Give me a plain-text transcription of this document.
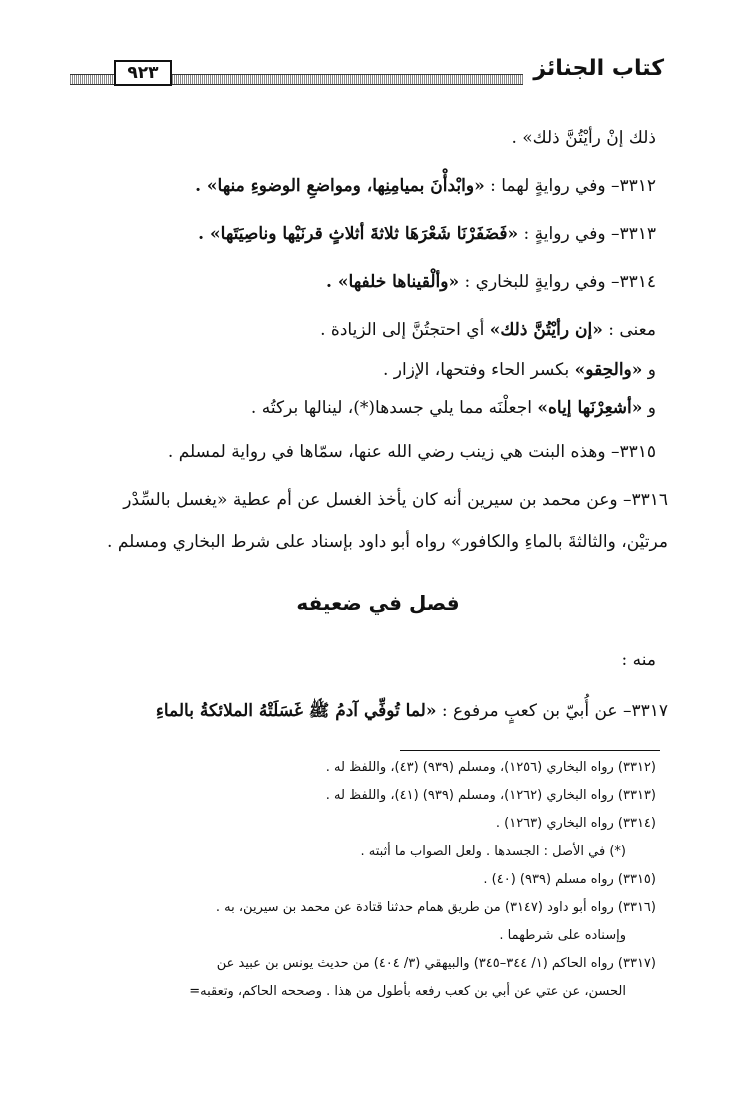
كتاب الجنائز
٩٢٣
ذلك إنْ رأيْتُنَّ ذلك» .
٣٣١٢– وفي روايةٍ لهما : «وابْدأْنَ بميامِنِها، ومواضعِ الوضوءِ منها» .
٣٣١٣– وفي روايةٍ : «فَضَفَرْنَا شَعْرَهَا ثلاثةَ أثلاثٍ قرنَيْها وناصِيَتَها» .
٣٣١٤– وفي روايةٍ للبخاري : «وألْقيناها خلفها» .
معنى : «إن رأيْتُنَّ ذلك» أي احتجتُنَّ إلى الزيادة .
و «والحِقو» بكسر الحاء وفتحها، الإزار .
و «أشعِرْنَها إياه» اجعلْنَه مما يلي جسدها(*)، لينالها بركتُه .
٣٣١٥– وهذه البنت هي زينب رضي الله عنها، سمّاها في رواية لمسلم .
٣٣١٦– وعن محمد بن سيرين أنه كان يأخذ الغسل عن أم عطية «يغسل بالسِّدْر
مرتيْن، والثالثةَ بالماءِ والكافور» رواه أبو داود بإسناد على شرط البخاري ومسلم .
فصل في ضعيفه
منه :
٣٣١٧– عن أُبيّ بن كعبٍ مرفوع : «لما تُوفِّي آدمُ ﷺ غَسَلَتْهُ الملائكةُ بالماءِ
(٣٣١٢) رواه البخاري (١٢٥٦)، ومسلم (٩٣٩) (٤٣)، واللفظ له .
(٣٣١٣) رواه البخاري (١٢٦٢)، ومسلم (٩٣٩) (٤١)، واللفظ له .
(٣٣١٤) رواه البخاري (١٢٦٣) .
(*) في الأصل : الجسدها . ولعل الصواب ما أثبته .
(٣٣١٥) رواه مسلم (٩٣٩) (٤٠) .
(٣٣١٦) رواه أبو داود (٣١٤٧) من طريق همام حدثنا قتادة عن محمد بن سيرين، به .
وإسناده على شرطهما .
(٣٣١٧) رواه الحاكم (١/ ٣٤٤–٣٤٥) والبيهقي (٣/ ٤٠٤) من حديث يونس بن عبيد عن
الحسن، عن عتي عن أبي بن كعب رفعه بأطول من هذا . وصححه الحاكم، وتعقبه=
